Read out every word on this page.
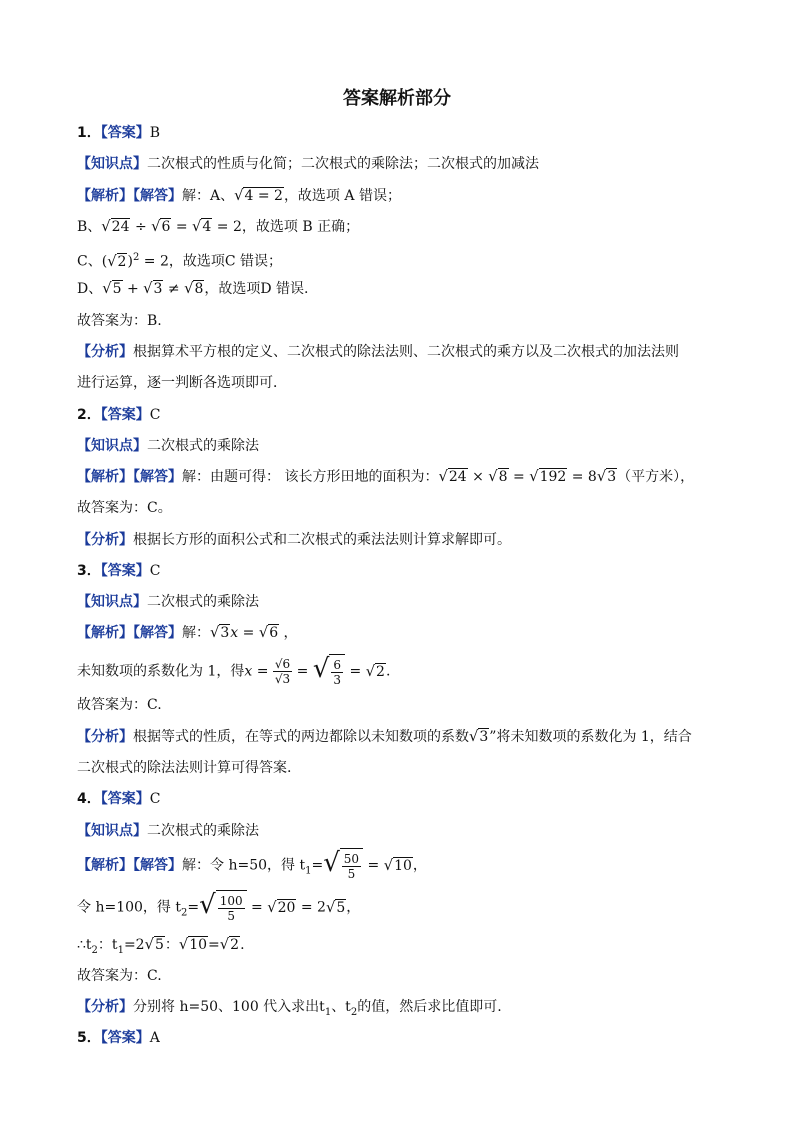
答案解析部分
1．【答案】B
【知识点】二次根式的性质与化简；二次根式的乘除法；二次根式的加减法
【解析】【解答】解：A、√4 = 2，故选项 A 错误；
B、√24 ÷ √6 = √4 = 2，故选项 B 正确；
C、$(√2)^2 = 2$，故选项C 错误；
D、√5 + √3 ≠ √8，故选项D 错误.
故答案为：B.
【分析】根据算术平方根的定义、二次根式的除法法则、二次根式的乘方以及二次根式的加法法则
进行运算，逐一判断各选项即可．
2．【答案】C
【知识点】二次根式的乘除法
【解析】【解答】解：由题可得： 该长方形田地的面积为：√24 × √8 = √192 = 8√3（平方米），
故答案为：C。
【分析】根据长方形的面积公式和二次根式的乘法法则计算求解即可。
3．【答案】C
【知识点】二次根式的乘除法
【解析】【解答】解：√3x = √6 ，
未知数项的系数化为 1，得$x = \frac{√6}{√3}$ = √ $\frac{6}{3} = √2$.
故答案为：C.
【分析】根据等式的性质，在等式的两边都除以未知数项的系数√3”将未知数项的系数化为 1，结合
二次根式的除法法则计算可得答案.
4．【答案】C
【知识点】二次根式的乘除法
【解析】【解答】解：令 h=50，得 $t_1=$ √ $\frac{50}{5} = √10$，
令 h=100，得 $t_2=$ √ $\frac{100}{5} = √20 = 2√5$，
$\therefore t_2$：$t_1=2√5$：√10=√2.
故答案为：C.
【分析】分别将 h=50、100 代入求出$t_1$、$t_2$的值，然后求比值即可.
5．【答案】A
